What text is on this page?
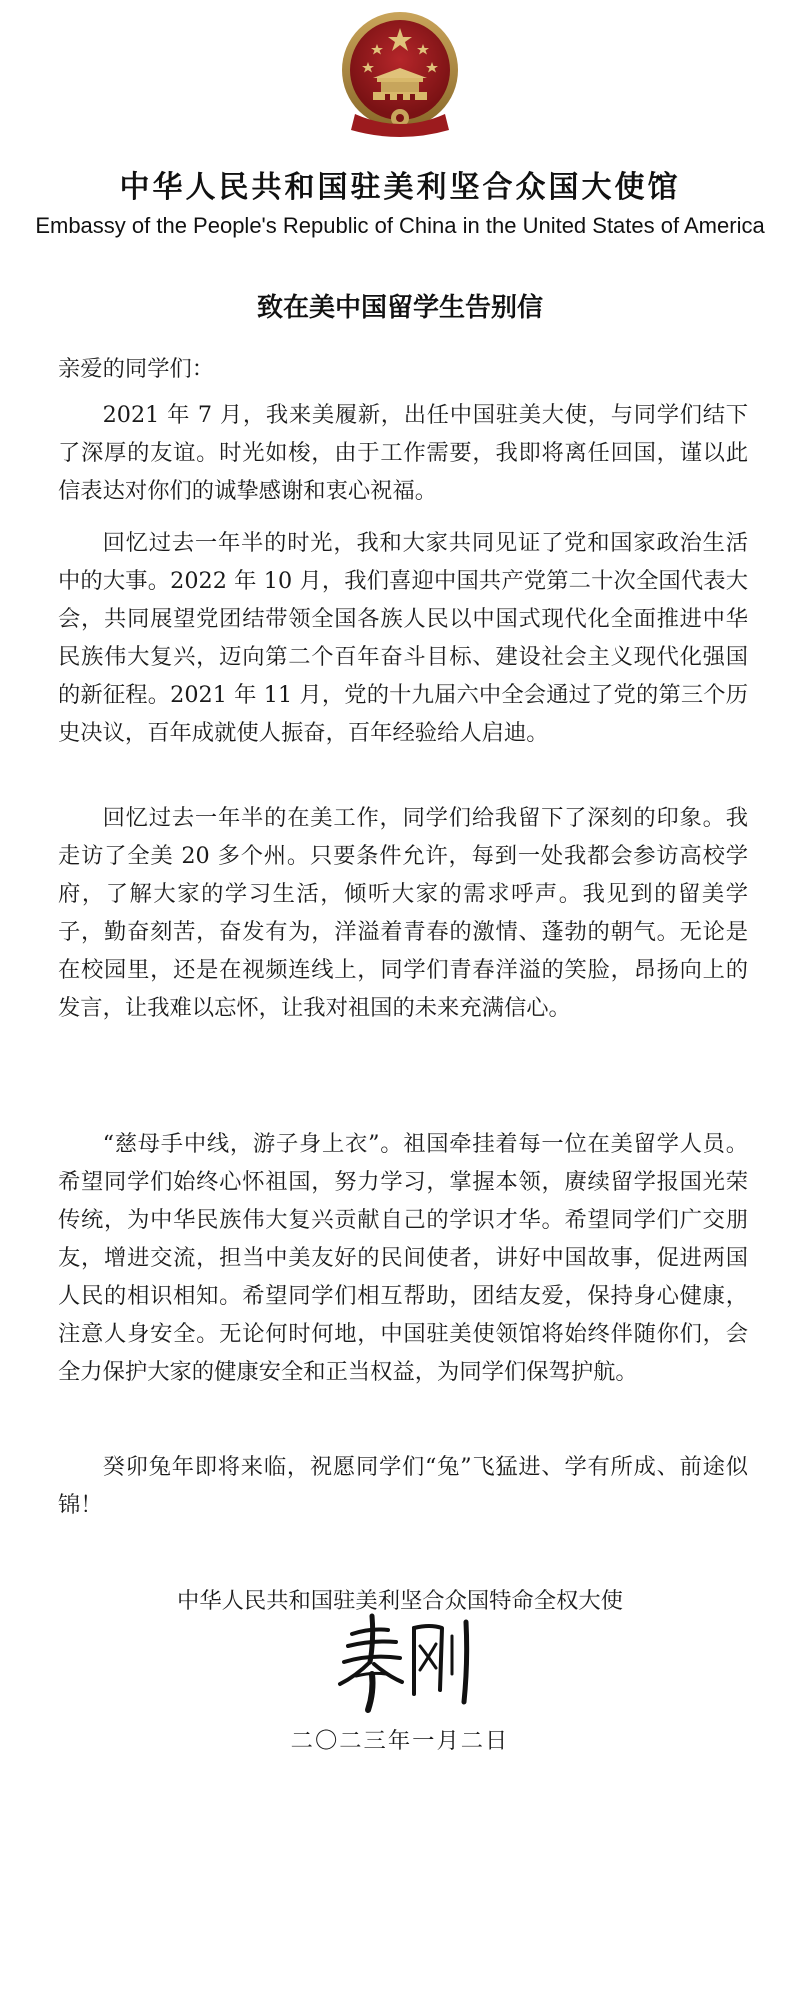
中华人民共和国驻美利坚合众国大使馆
Embassy of the People's Republic of China in the United States of America
致在美中国留学生告别信

亲爱的同学们：

2021 年 7 月，我来美履新，出任中国驻美大使，与同学们结下了深厚的友谊。时光如梭，由于工作需要，我即将离任回国，谨以此信表达对你们的诚挚感谢和衷心祝福。

回忆过去一年半的时光，我和大家共同见证了党和国家政治生活中的大事。2022 年 10 月，我们喜迎中国共产党第二十次全国代表大会，共同展望党团结带领全国各族人民以中国式现代化全面推进中华民族伟大复兴，迈向第二个百年奋斗目标、建设社会主义现代化强国的新征程。2021 年 11 月，党的十九届六中全会通过了党的第三个历史决议，百年成就使人振奋，百年经验给人启迪。

回忆过去一年半的在美工作，同学们给我留下了深刻的印象。我走访了全美 20 多个州。只要条件允许，每到一处我都会参访高校学府，了解大家的学习生活，倾听大家的需求呼声。我见到的留美学子，勤奋刻苦，奋发有为，洋溢着青春的激情、蓬勃的朝气。无论是在校园里，还是在视频连线上，同学们青春洋溢的笑脸，昂扬向上的发言，让我难以忘怀，让我对祖国的未来充满信心。

“慈母手中线，游子身上衣”。祖国牵挂着每一位在美留学人员。希望同学们始终心怀祖国，努力学习，掌握本领，赓续留学报国光荣传统，为中华民族伟大复兴贡献自己的学识才华。希望同学们广交朋友，增进交流，担当中美友好的民间使者，讲好中国故事，促进两国人民的相识相知。希望同学们相互帮助，团结友爱，保持身心健康，注意人身安全。无论何时何地，中国驻美使领馆将始终伴随你们，会全力保护大家的健康安全和正当权益，为同学们保驾护航。

癸卯兔年即将来临，祝愿同学们“兔”飞猛进、学有所成、前途似锦！

中华人民共和国驻美利坚合众国特命全权大使
二〇二三年一月二日
